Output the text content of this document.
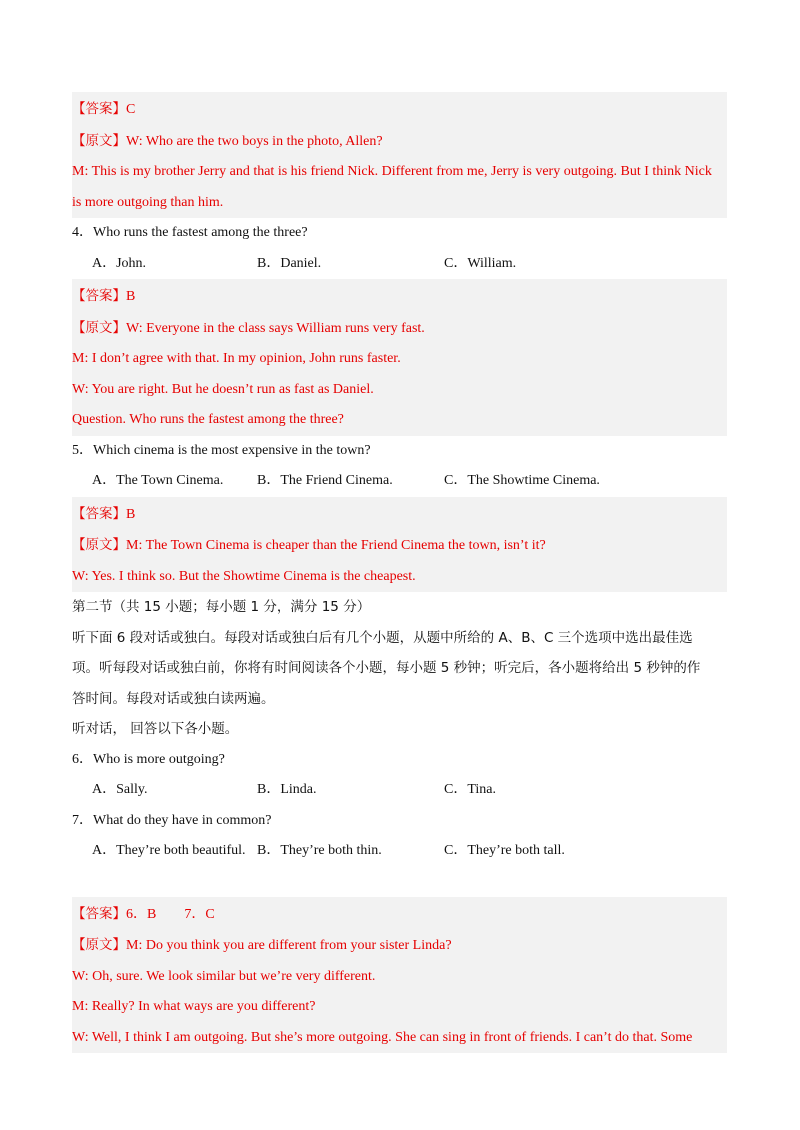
【答案】C
【原文】W: Who are the two boys in the photo, Allen?
M: This is my brother Jerry and that is his friend Nick. Different from me, Jerry is very outgoing. But I think Nick
is more outgoing than him.
4．Who runs the fastest among the three?
A．John.	B．Daniel.	C．William.
【答案】B
【原文】W: Everyone in the class says William runs very fast.
M: I don’t agree with that. In my opinion, John runs faster.
W: You are right. But he doesn’t run as fast as Daniel.
Question. Who runs the fastest among the three?
5．Which cinema is the most expensive in the town?
A．The Town Cinema.	B．The Friend Cinema.	C．The Showtime Cinema.
【答案】B
【原文】M: The Town Cinema is cheaper than the Friend Cinema the town, isn’t it?
W: Yes. I think so. But the Showtime Cinema is the cheapest.
第二节（共 15 小题；每小题 1 分，满分 15 分）
听下面 6 段对话或独白。每段对话或独白后有几个小题，从题中所给的 A、B、C 三个选项中选出最佳选
项。听每段对话或独白前，你将有时间阅读各个小题，每小题 5 秒钟；听完后，各小题将给出 5 秒钟的作
答时间。每段对话或独白读两遍。
听对话， 回答以下各小题。
6．Who is more outgoing?
A．Sally.	B．Linda.	C．Tina.
7．What do they have in common?
A．They’re both beautiful. B．They’re both thin.	C．They’re both tall.
【答案】6．B        7．C
【原文】M: Do you think you are different from your sister Linda?
W: Oh, sure. We look similar but we’re very different.
M: Really? In what ways are you different?
W: Well, I think I am outgoing. But she’s more outgoing. She can sing in front of friends. I can’t do that. Some
